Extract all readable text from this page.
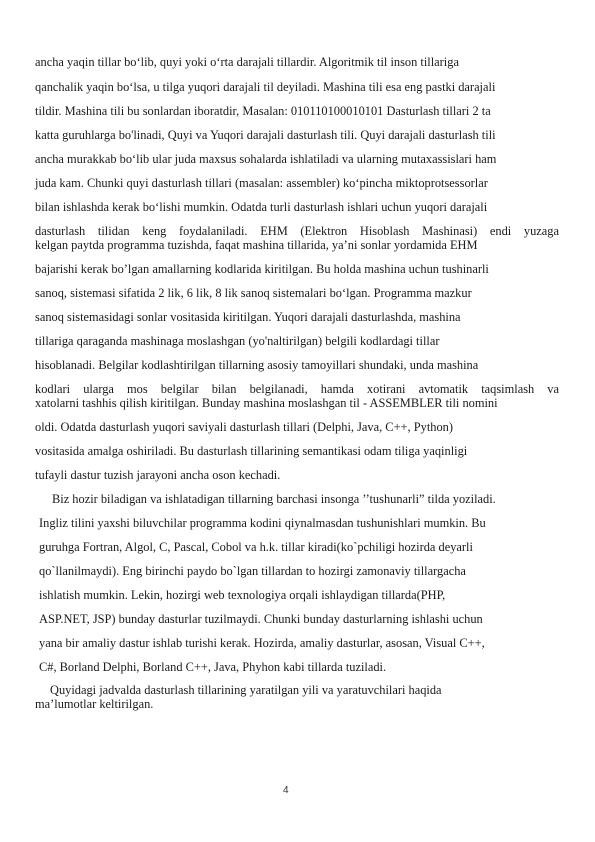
ancha yaqin tillar bo‘lib, quyi yoki o‘rta darajali tillardir. Algoritmik til inson tillariga
qanchalik yaqin bo‘lsa, u tilga yuqori darajali til deyiladi. Mashina tili esa eng pastki darajali
tildir. Mashina tili bu sonlardan iboratdir, Masalan: 010110100010101 Dasturlash tillari 2 ta
katta guruhlarga bo'linadi, Quyi va Yuqori darajali dasturlash tili. Quyi darajali dasturlash tili
ancha murakkab bo‘lib ular juda maxsus sohalarda ishlatiladi va ularning mutaxassislari ham
juda kam. Chunki quyi dasturlash tillari (masalan: assembler) ko‘pincha miktoprotsessorlar
bilan ishlashda kerak bo‘lishi mumkin. Odatda turli dasturlash ishlari uchun yuqori darajali
dasturlash tilidan keng foydalaniladi. EHM (Elektron Hisoblash Mashinasi) endi yuzaga
kelgan paytda programma tuzishda, faqat mashina tillarida, ya’ni sonlar yordamida EHM
bajarishi kerak bo’lgan amallarning kodlarida kiritilgan. Bu holda mashina uchun tushinarli
sanoq, sistemasi sifatida 2 lik, 6 lik, 8 lik sanoq sistemalari bo‘lgan. Programma mazkur
sanoq sistemasidagi sonlar vositasida kiritilgan. Yuqori darajali dasturlashda, mashina
tillariga qaraganda mashinaga moslashgan (yo'naltirilgan) belgili kodlardagi tillar
hisoblanadi. Belgilar kodlashtirilgan tillarning asosiy tamoyillari shundaki, unda mashina
kodlari ularga mos belgilar bilan belgilanadi, hamda xotirani avtomatik taqsimlash va
xatolarni tashhis qilish kiritilgan. Bunday mashina moslashgan til - ASSEMBLER tili nomini
oldi. Odatda dasturlash yuqori saviyali dasturlash tillari (Delphi, Java, C++, Python)
vositasida amalga oshiriladi. Bu dasturlash tillarining semantikasi odam tiliga yaqinligi
tufayli dastur tuzish jarayoni ancha oson kechadi.
Biz hozir biladigan va ishlatadigan tillarning barchasi insonga ’’tushunarli” tilda yoziladi.
Ingliz tilini yaxshi biluvchilar programma kodini qiynalmasdan tushunishlari mumkin. Bu
guruhga Fortran, Algol, C, Pascal, Cobol va h.k. tillar kiradi(ko`pchiligi hozirda deyarli
qo`llanilmaydi). Eng birinchi paydo bo`lgan tillardan to hozirgi zamonaviy tillargacha
ishlatish mumkin. Lekin, hozirgi web texnologiya orqali ishlaydigan tillarda(PHP,
ASP.NET, JSP) bunday dasturlar tuzilmaydi. Chunki bunday dasturlarning ishlashi uchun
yana bir amaliy dastur ishlab turishi kerak. Hozirda, amaliy dasturlar, asosan, Visual C++,
C#, Borland Delphi, Borland C++, Java, Phyhon kabi tillarda tuziladi.
Quyidagi jadvalda dasturlash tillarining yaratilgan yili va yaratuvchilari haqida
ma’lumotlar keltirilgan.
4
